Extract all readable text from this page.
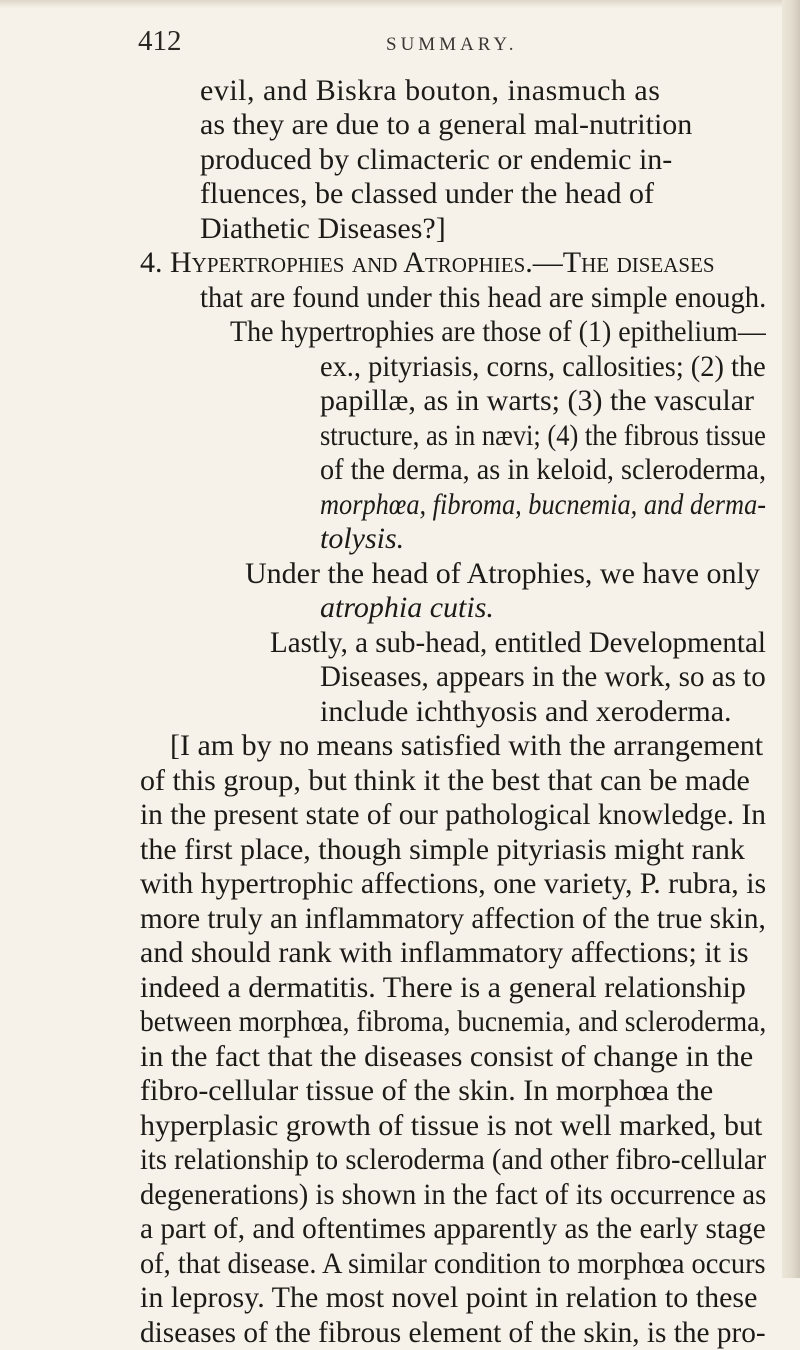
412	SUMMARY.
evil, and Biskra bouton, inasmuch as
as they are due to a general mal-nutrition
produced by climacteric or endemic in-
fluences, be classed under the head of
Diathetic Diseases?]
4. Hypertrophies and Atrophies.—The diseases
that are found under this head are simple enough.
The hypertrophies are those of (1) epithelium—
ex., pityriasis, corns, callosities; (2) the
papillæ, as in warts; (3) the vascular
structure, as in nævi; (4) the fibrous tissue
of the derma, as in keloid, scleroderma,
morphœa, fibroma, bucnemia, and derma-
tolysis.
Under the head of Atrophies, we have only
atrophia cutis.
Lastly, a sub-head, entitled Developmental
Diseases, appears in the work, so as to
include ichthyosis and xeroderma.
[I am by no means satisfied with the arrangement
of this group, but think it the best that can be made
in the present state of our pathological knowledge. In
the first place, though simple pityriasis might rank
with hypertrophic affections, one variety, P. rubra, is
more truly an inflammatory affection of the true skin,
and should rank with inflammatory affections; it is
indeed a dermatitis. There is a general relationship
between morphœa, fibroma, bucnemia, and scleroderma,
in the fact that the diseases consist of change in the
fibro-cellular tissue of the skin. In morphœa the
hyperplasic growth of tissue is not well marked, but
its relationship to scleroderma (and other fibro-cellular
degenerations) is shown in the fact of its occurrence as
a part of, and oftentimes apparently as the early stage
of, that disease. A similar condition to morphœa occurs
in leprosy. The most novel point in relation to these
diseases of the fibrous element of the skin, is the pro-
